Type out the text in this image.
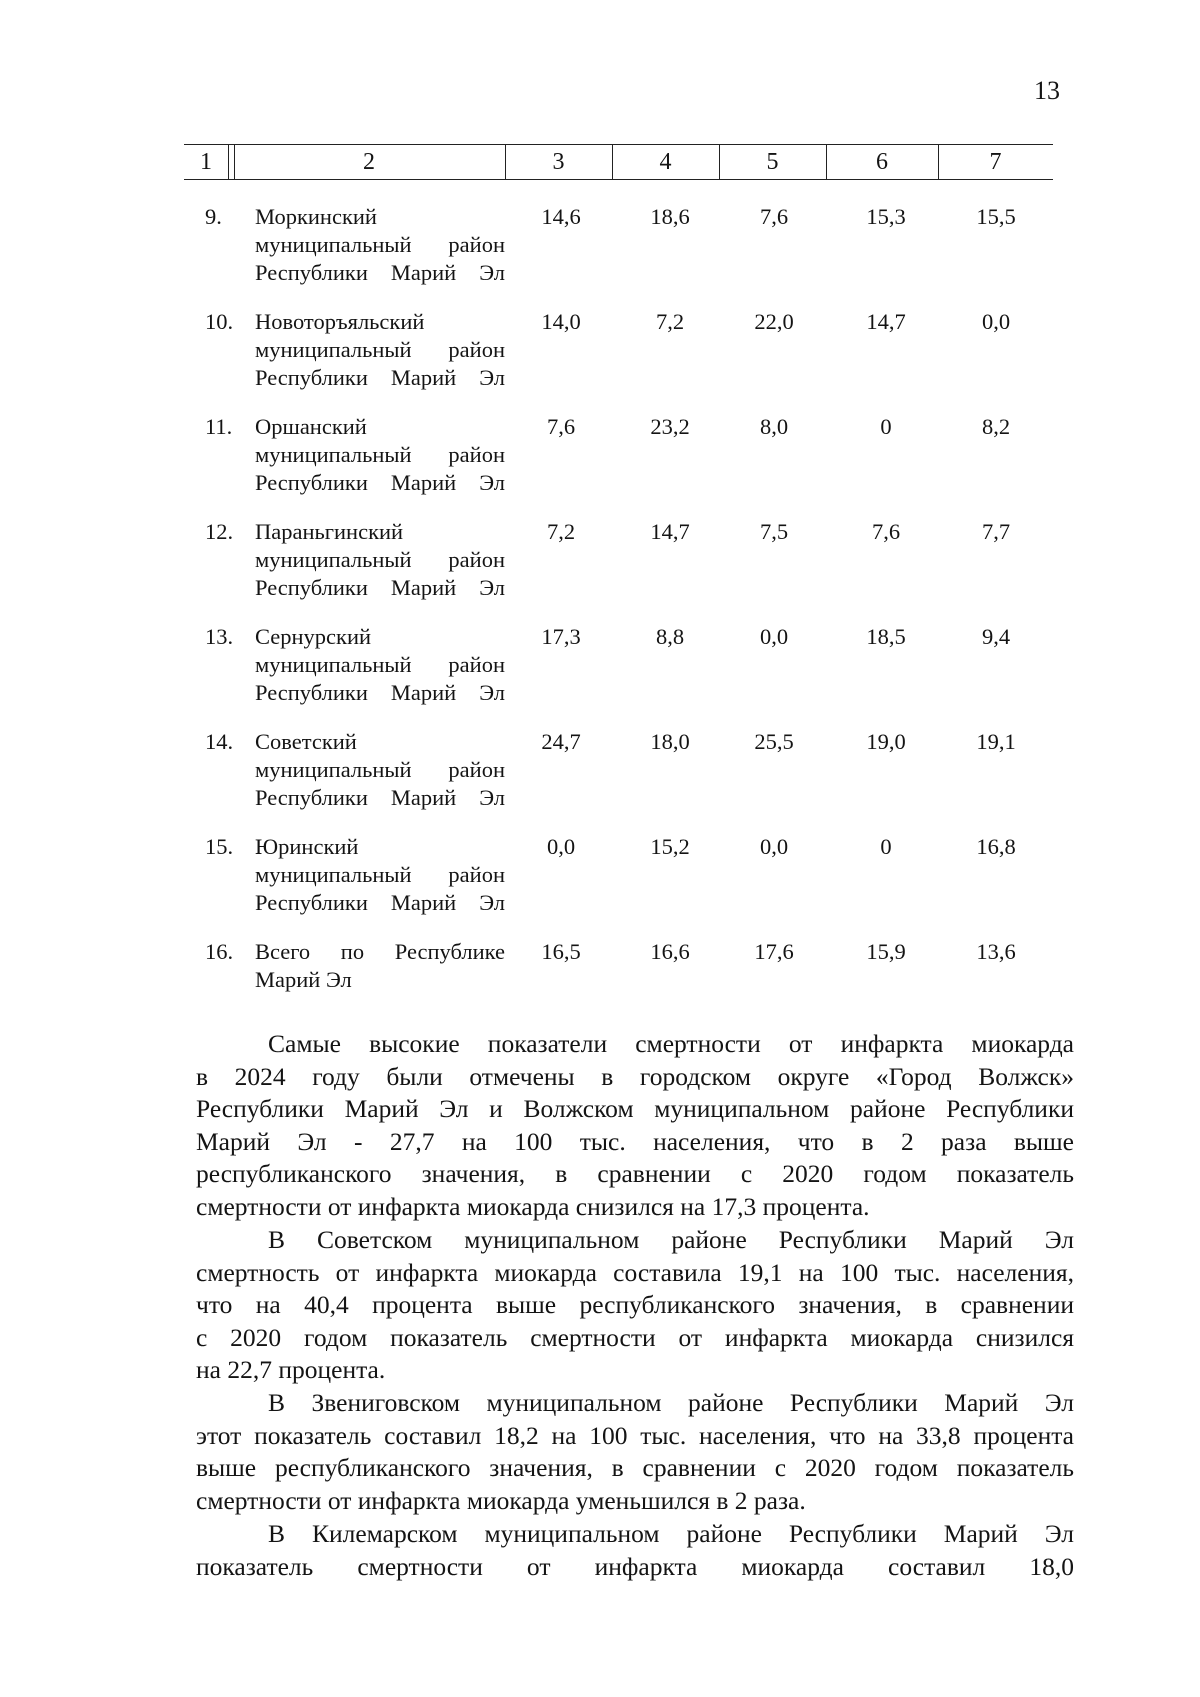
13
1	2	3	4	5	6	7
9. Моркинский
муниципальный район
Республики Марий Эл
14,6	18,6	7,6	15,3	15,5
10. Новоторъяльский
муниципальный район
Республики Марий Эл
14,0	7,2	22,0	14,7	0,0
11. Оршанский
муниципальный район
Республики Марий Эл
7,6	23,2	8,0	0	8,2
12. Параньгинский
муниципальный район
Республики Марий Эл
7,2	14,7	7,5	7,6	7,7
13. Сернурский
муниципальный район
Республики Марий Эл
17,3	8,8	0,0	18,5	9,4
14. Советский
муниципальный район
Республики Марий Эл
24,7	18,0	25,5	19,0	19,1
15. Юринский
муниципальный район
Республики Марий Эл
0,0	15,2	0,0	0	16,8
16. Всего по Республике
Марий Эл
16,5	16,6	17,6	15,9	13,6
Самые высокие показатели смертности от инфаркта миокарда
в 2024 году были отмечены в городском округе «Город Волжск»
Республики Марий Эл и Волжском муниципальном районе Республики
Марий Эл - 27,7 на 100 тыс. населения, что в 2 раза выше
республиканского значения, в сравнении с 2020 годом показатель
смертности от инфаркта миокарда снизился на 17,3 процента.
В Советском муниципальном районе Республики Марий Эл
смертность от инфаркта миокарда составила 19,1 на 100 тыс. населения,
что на 40,4 процента выше республиканского значения, в сравнении
с 2020 годом показатель смертности от инфаркта миокарда снизился
на 22,7 процента.
В Звениговском муниципальном районе Республики Марий Эл
этот показатель составил 18,2 на 100 тыс. населения, что на 33,8 процента
выше республиканского значения, в сравнении с 2020 годом показатель
смертности от инфаркта миокарда уменьшился в 2 раза.
В Килемарском муниципальном районе Республики Марий Эл
показатель смертности от инфаркта миокарда составил 18,0
